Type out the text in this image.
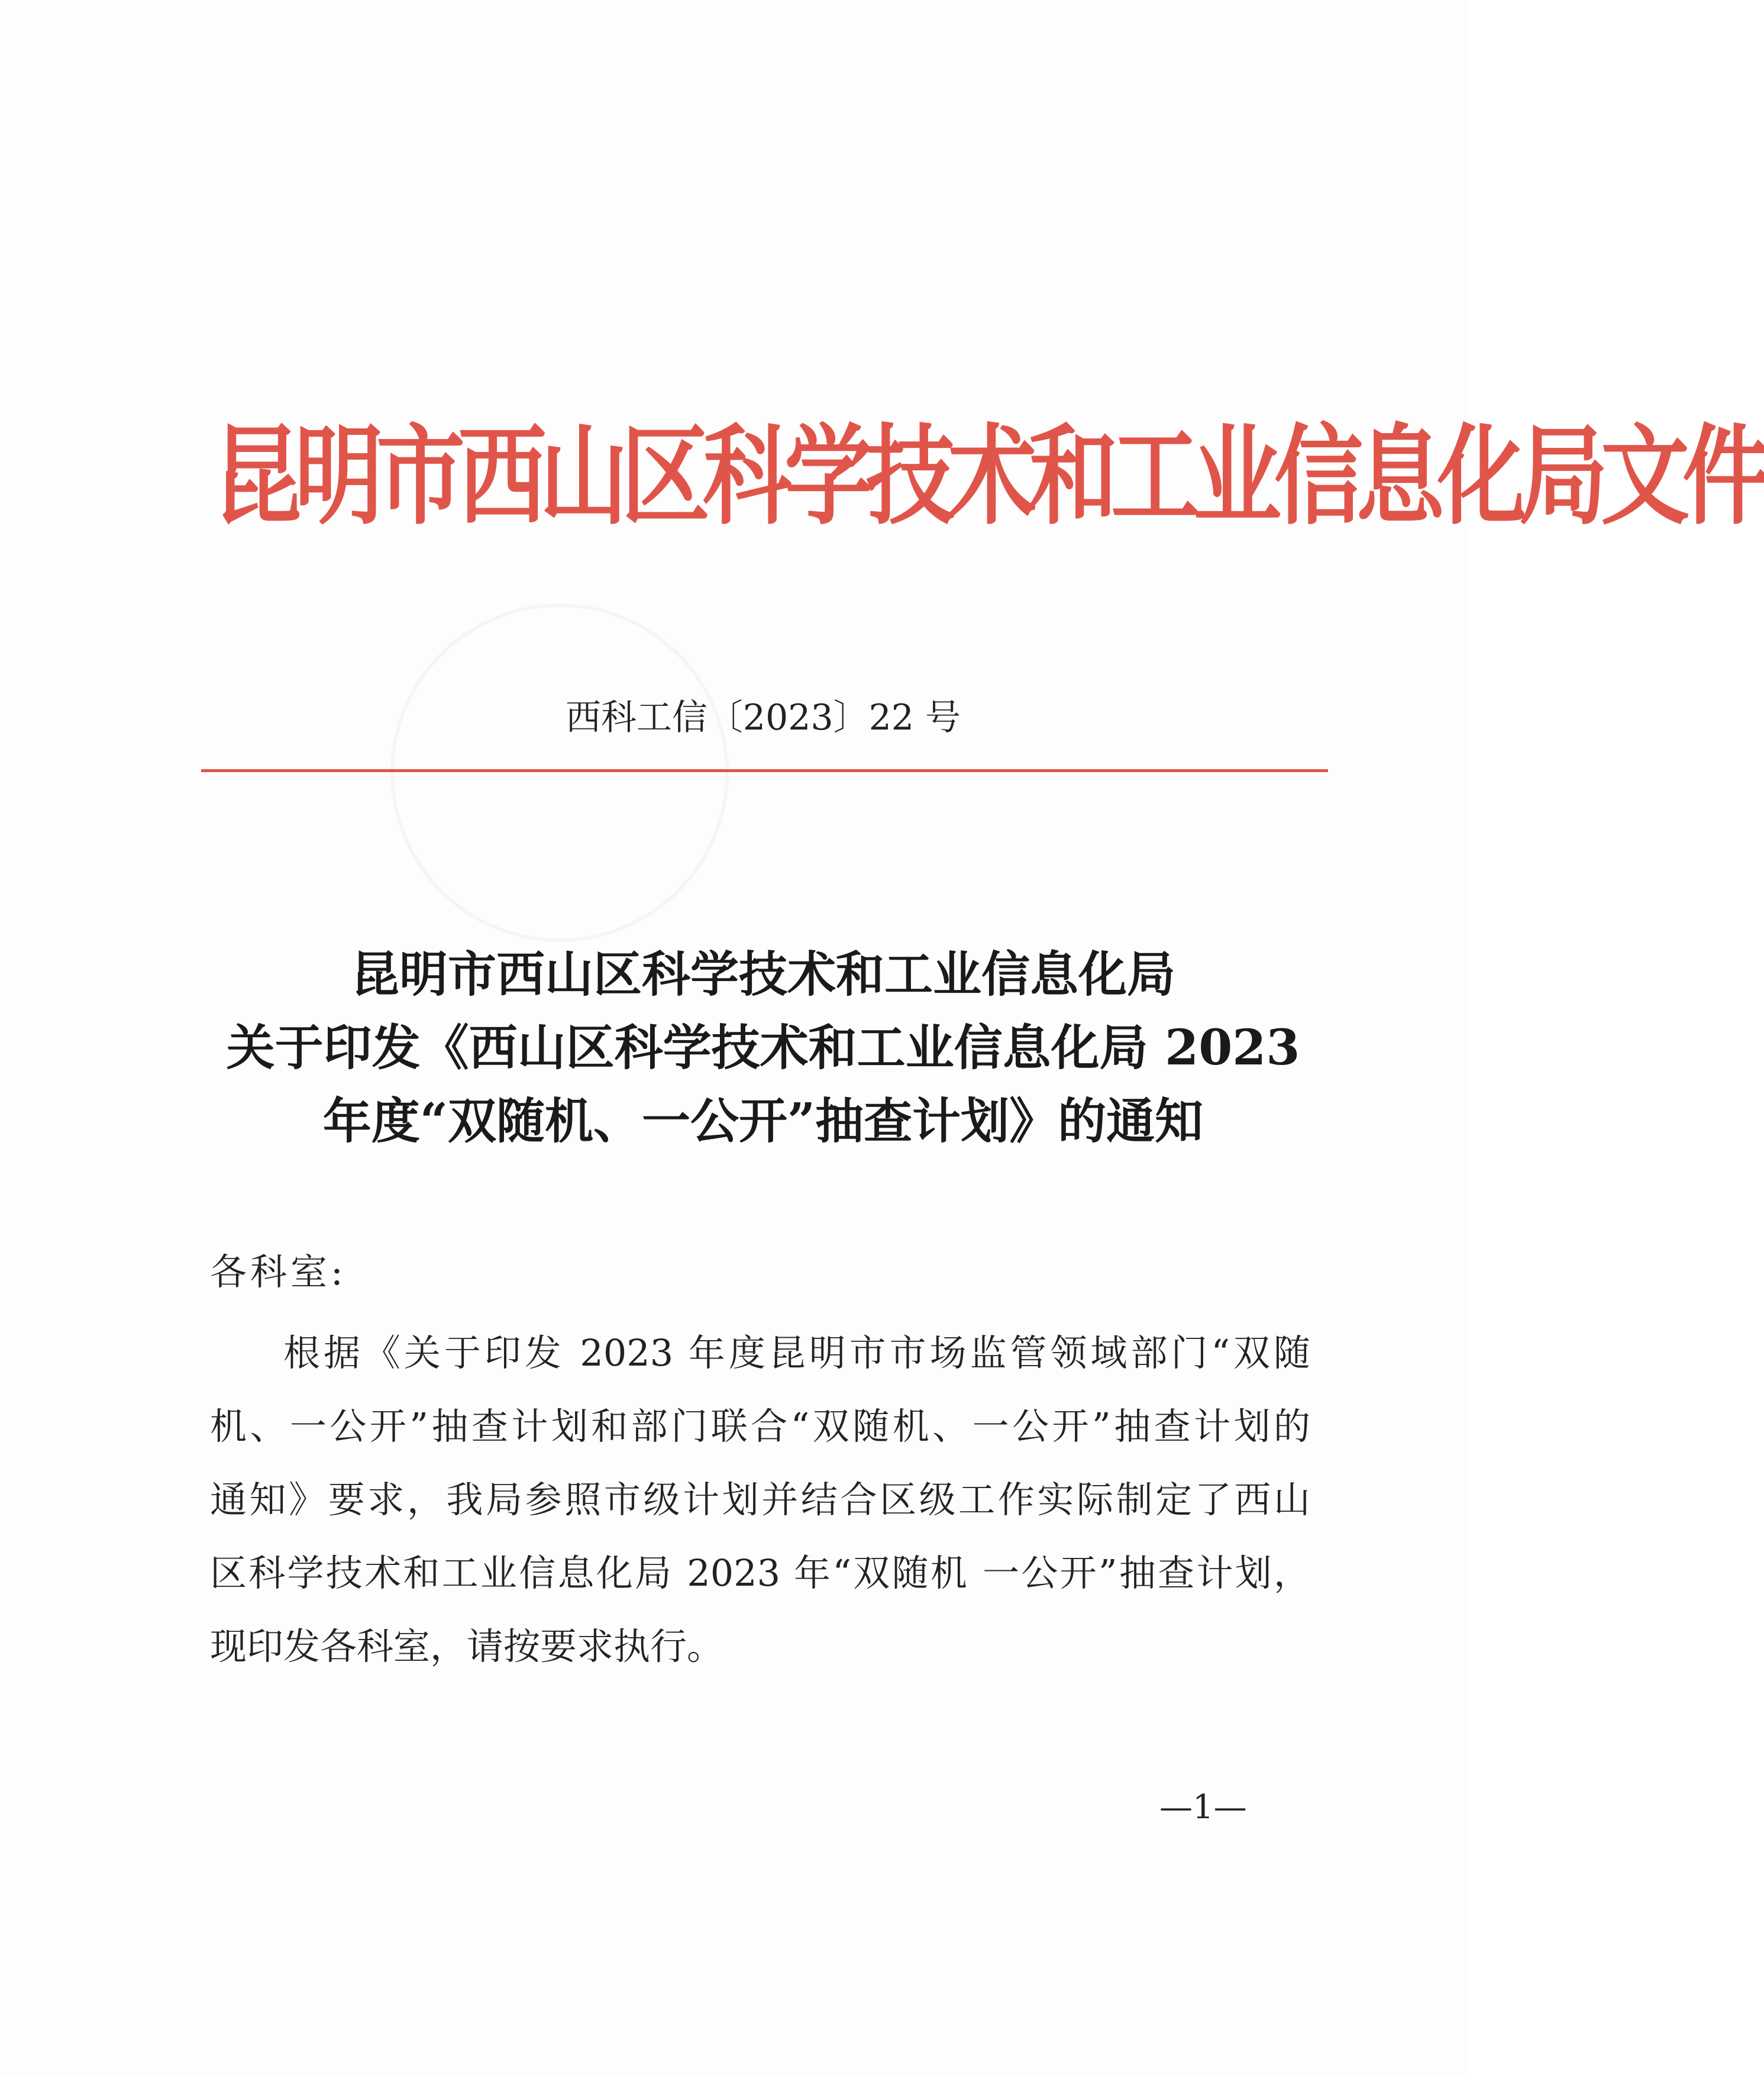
昆明市西山区科学技术和工业信息化局文件
西科工信〔2023〕22 号
昆明市西山区科学技术和工业信息化局
关于印发《西山区科学技术和工业信息化局 2023
年度“双随机、一公开”抽查计划》的通知
各科室:
根据《关于印发 2023 年度昆明市市场监管领域部门“双随
机、一公开”抽查计划和部门联合“双随机、一公开”抽查计划的
通知》要求，我局参照市级计划并结合区级工作实际制定了西山
区科学技术和工业信息化局 2023 年“双随机 一公开”抽查计划，
现印发各科室，请按要求执行。
—1—
